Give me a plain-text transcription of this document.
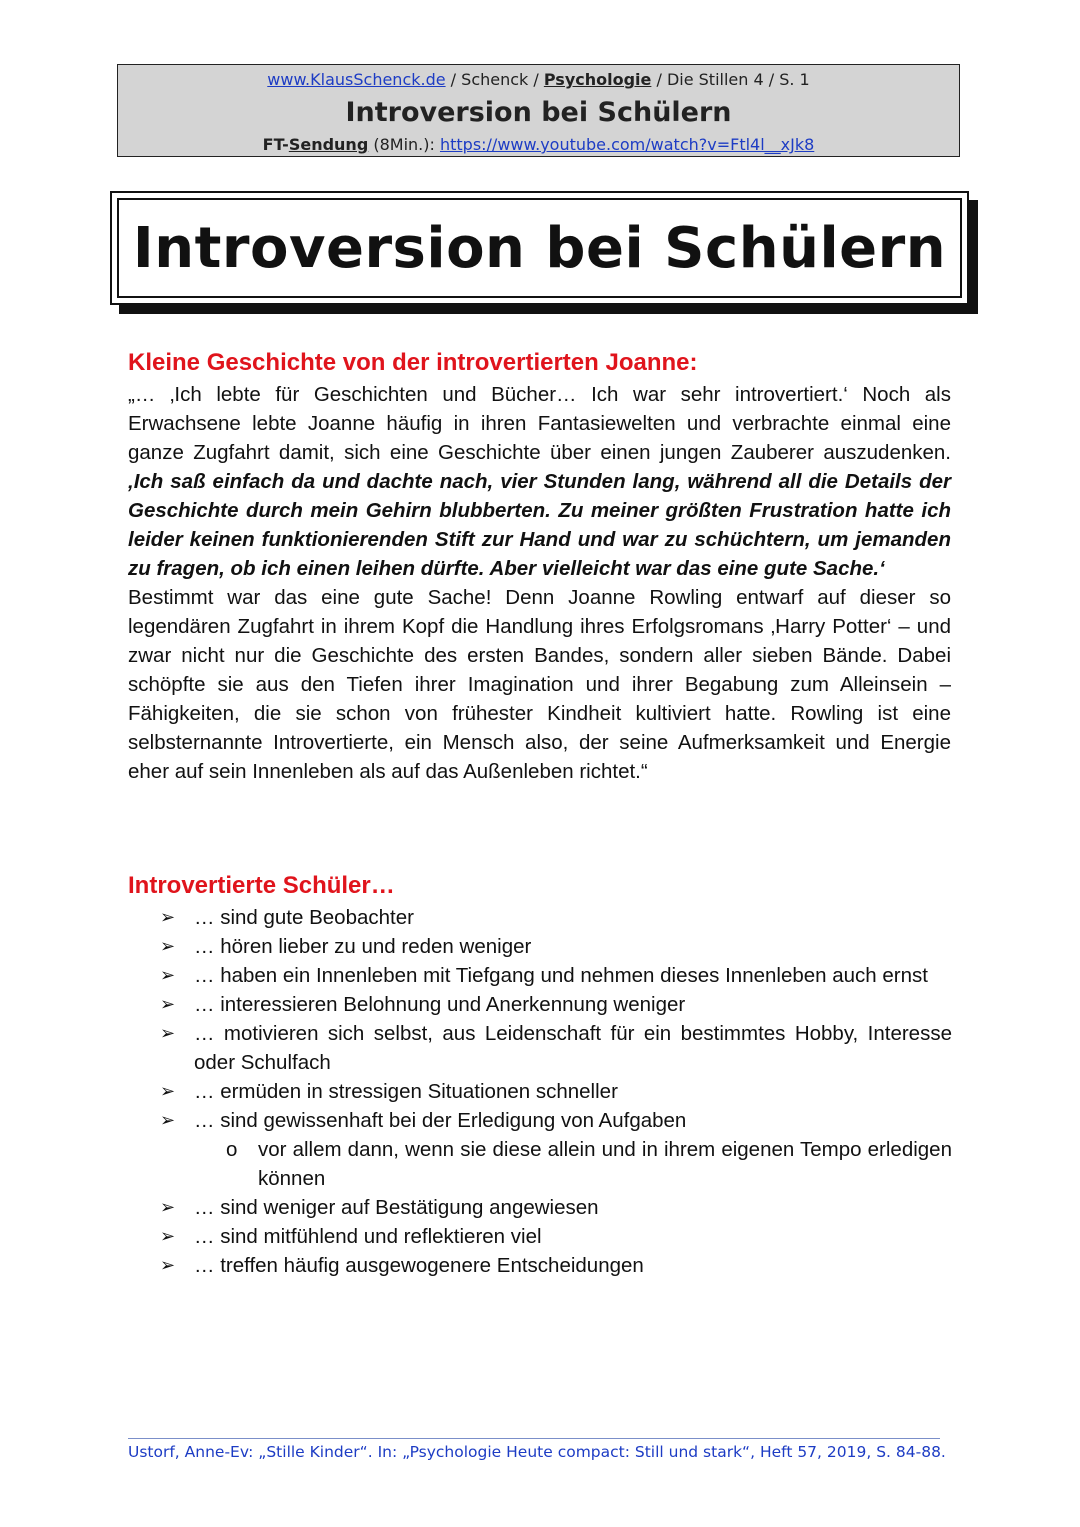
www.KlausSchenck.de / Schenck / Psychologie / Die Stillen 4 / S. 1
Introversion bei Schülern
FT-Sendung (8Min.): https://www.youtube.com/watch?v=Ftl4l__xJk8
Introversion bei Schülern
Kleine Geschichte von der introvertierten Joanne:
„… ‚Ich lebte für Geschichten und Bücher… Ich war sehr introvertiert.‘ Noch als Erwachsene lebte Joanne häufig in ihren Fantasiewelten und verbrachte einmal eine ganze Zugfahrt damit, sich eine Geschichte über einen jungen Zauberer auszudenken. ‚Ich saß einfach da und dachte nach, vier Stunden lang, während all die Details der Geschichte durch mein Gehirn blubberten. Zu meiner größten Frustration hatte ich leider keinen funktionierenden Stift zur Hand und war zu schüchtern, um jemanden zu fragen, ob ich einen leihen dürfte. Aber vielleicht war das eine gute Sache.‘
Bestimmt war das eine gute Sache! Denn Joanne Rowling entwarf auf dieser so legendären Zugfahrt in ihrem Kopf die Handlung ihres Erfolgsromans ‚Harry Potter‘ – und zwar nicht nur die Geschichte des ersten Bandes, sondern aller sieben Bände. Dabei schöpfte sie aus den Tiefen ihrer Imagination und ihrer Begabung zum Alleinsein – Fähigkeiten, die sie schon von frühester Kindheit kultiviert hatte. Rowling ist eine selbsternannte Introvertierte, ein Mensch also, der seine Aufmerksamkeit und Energie eher auf sein Innenleben als auf das Außenleben richtet.“
Introvertierte Schüler…
➢ … sind gute Beobachter
➢ … hören lieber zu und reden weniger
➢ … haben ein Innenleben mit Tiefgang und nehmen dieses Innenleben auch ernst
➢ … interessieren Belohnung und Anerkennung weniger
➢ … motivieren sich selbst, aus Leidenschaft für ein bestimmtes Hobby, Interesse oder Schulfach
➢ … ermüden in stressigen Situationen schneller
➢ … sind gewissenhaft bei der Erledigung von Aufgaben
o vor allem dann, wenn sie diese allein und in ihrem eigenen Tempo erledigen können
➢ … sind weniger auf Bestätigung angewiesen
➢ … sind mitfühlend und reflektieren viel
➢ … treffen häufig ausgewogenere Entscheidungen
Ustorf, Anne-Ev: „Stille Kinder“. In: „Psychologie Heute compact: Still und stark“, Heft 57, 2019, S. 84-88.
